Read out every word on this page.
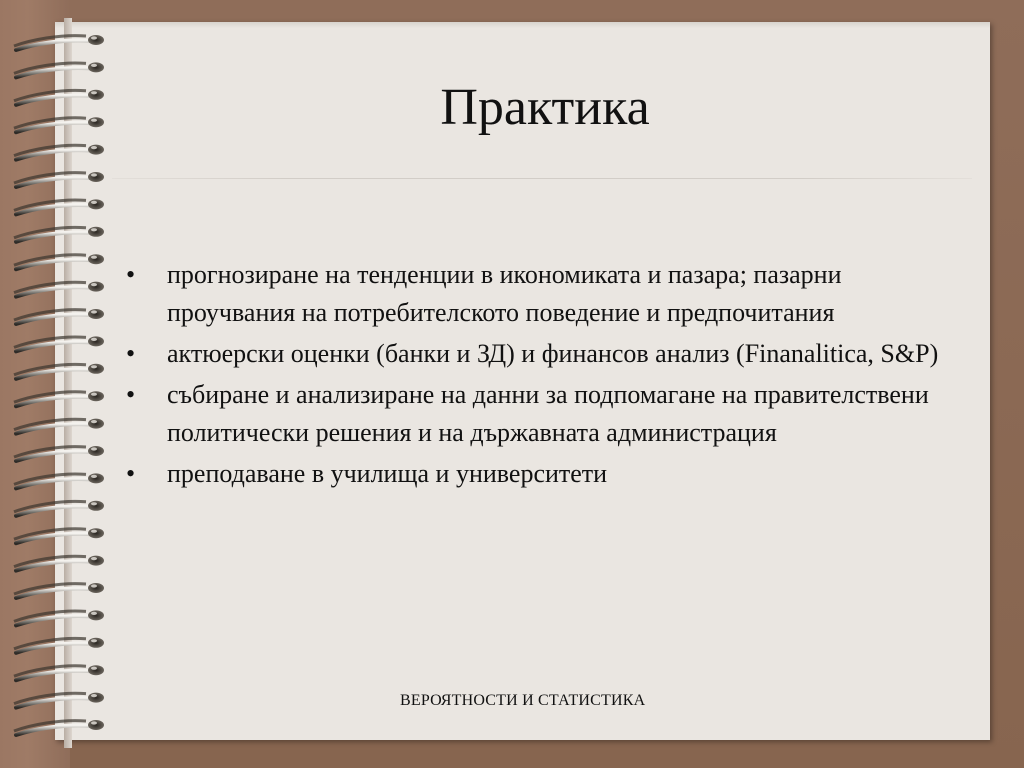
Практика
• прогнозиране на тенденции в икономиката и пазара; пазарни проучвания на потребителското поведение и предпочитания
• актюерски оценки (банки и ЗД) и финансов анализ (Finanalitica, S&P)
• събиране и анализиране на данни за подпомагане на правителствени политически решения и на държавната администрация
• преподаване в училища и университети
ВЕРОЯТНОСТИ И СТАТИСТИКА
